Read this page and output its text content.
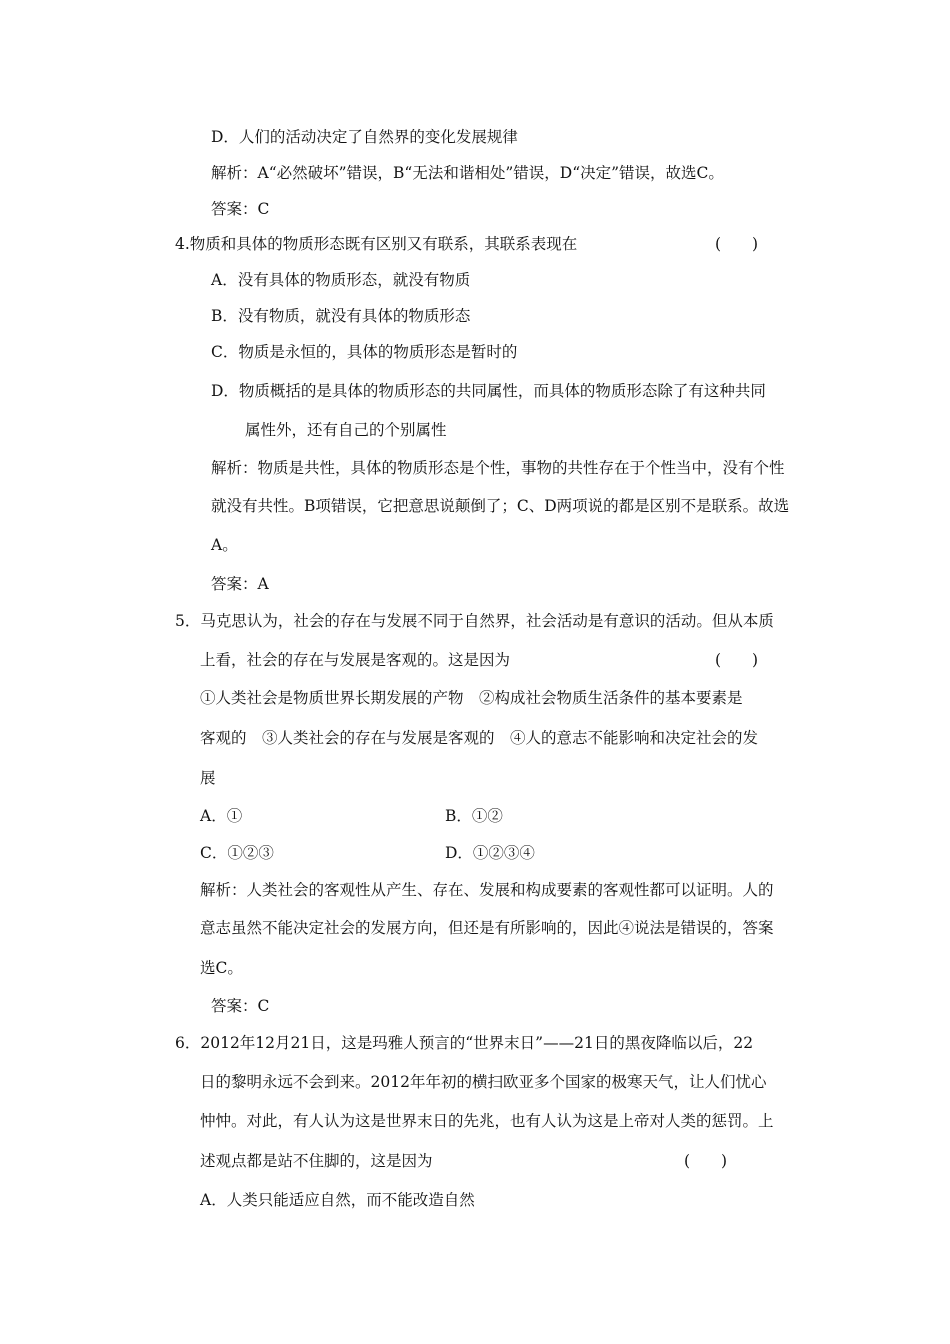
D．人们的活动决定了自然界的变化发展规律
解析：A“必然破坏”错误，B“无法和谐相处”错误，D“决定”错误，故选C。
答案：C
4.物质和具体的物质形态既有区别又有联系，其联系表现在	(　　)
A．没有具体的物质形态，就没有物质
B．没有物质，就没有具体的物质形态
C．物质是永恒的，具体的物质形态是暂时的
D．物质概括的是具体的物质形态的共同属性，而具体的物质形态除了有这种共同
属性外，还有自己的个别属性
解析：物质是共性，具体的物质形态是个性，事物的共性存在于个性当中，没有个性
就没有共性。B项错误，它把意思说颠倒了；C、D两项说的都是区别不是联系。故选
A。
答案：A
5．马克思认为，社会的存在与发展不同于自然界，社会活动是有意识的活动。但从本质
上看，社会的存在与发展是客观的。这是因为	(　　)
①人类社会是物质世界长期发展的产物　②构成社会物质生活条件的基本要素是
客观的　③人类社会的存在与发展是客观的　④人的意志不能影响和决定社会的发
展
A．①	B．①②
C．①②③	D．①②③④
解析：人类社会的客观性从产生、存在、发展和构成要素的客观性都可以证明。人的
意志虽然不能决定社会的发展方向，但还是有所影响的，因此④说法是错误的，答案
选C。
答案：C
6．2012年12月21日，这是玛雅人预言的“世界末日”——21日的黑夜降临以后，22
日的黎明永远不会到来。2012年年初的横扫欧亚多个国家的极寒天气，让人们忧心
忡忡。对此，有人认为这是世界末日的先兆，也有人认为这是上帝对人类的惩罚。上
述观点都是站不住脚的，这是因为	(　　)
A．人类只能适应自然，而不能改造自然
